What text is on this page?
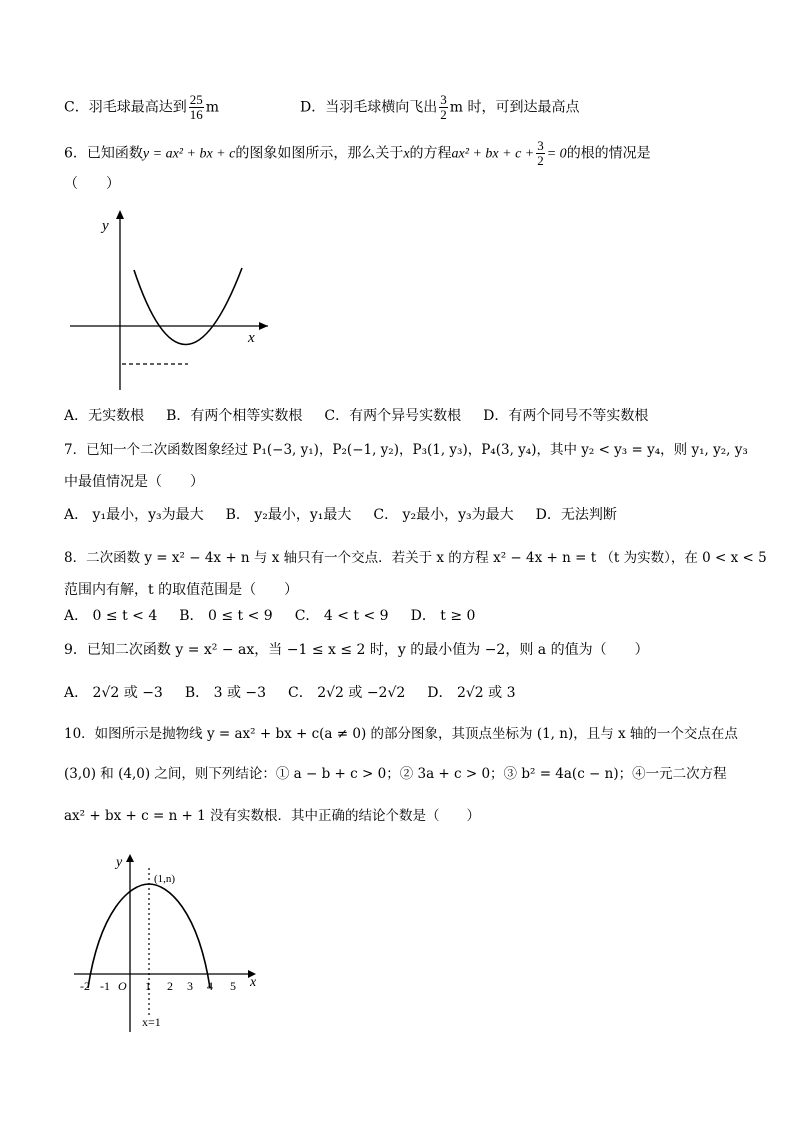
C．羽毛球最高达到 $\frac{25}{16}$ m	D．当羽毛球横向飞出 $\frac{3}{2}$ m 时，可到达最高点
6．已知函数y = ax² + bx + c的图象如图所示，那么关于x的方程ax² + bx + $c + \frac{3}{2} = 0$的根的情况是
（　　）
y
x
A．无实数根 B．有两个相等实数根 C．有两个异号实数根 D．有两个同号不等实数根
7．已知一个二次函数图象经过 P₁(−3, y₁)，P₂(−1, y₂)，P₃(1, y₃)，P₄(3, y₄)，其中 y₂ < y₃ = y₄，则 y₁, y₂, y₃
中最值情况是（　　）
A． y₁最小，y₃为最大 B． y₂最小，y₁最大 C． y₂最小，y₃为最大 D．无法判断
8．二次函数 y = x² − 4x + n 与 x 轴只有一个交点．若关于 x 的方程 x² − 4x + n = t （t 为实数），在 0 < x < 5
范围内有解，t 的取值范围是（　　）
A． 0 ≤ t < 4 B． 0 ≤ t < 9 C． 4 < t < 9 D． t ≥ 0
9．已知二次函数 y = x² − ax，当 −1 ≤ x ≤ 2 时，y 的最小值为 −2，则 a 的值为（　　）
A． 2√2 或 −3 B． 3 或 −3 C． 2√2 或 −2√2 D． 2√2 或 3
10．如图所示是抛物线 y = ax² + bx + c(a ≠ 0) 的部分图象，其顶点坐标为 (1, n)，且与 x 轴的一个交点在点
(3,0) 和 (4,0) 之间，则下列结论：① a − b + c > 0；② 3a + c > 0；③ b² = 4a(c − n)；④一元二次方程
ax² + bx + c = n + 1 没有实数根．其中正确的结论个数是（　　）
y
x
(1,n)
-2 -1 O 1 2 3 4 5
x=1
